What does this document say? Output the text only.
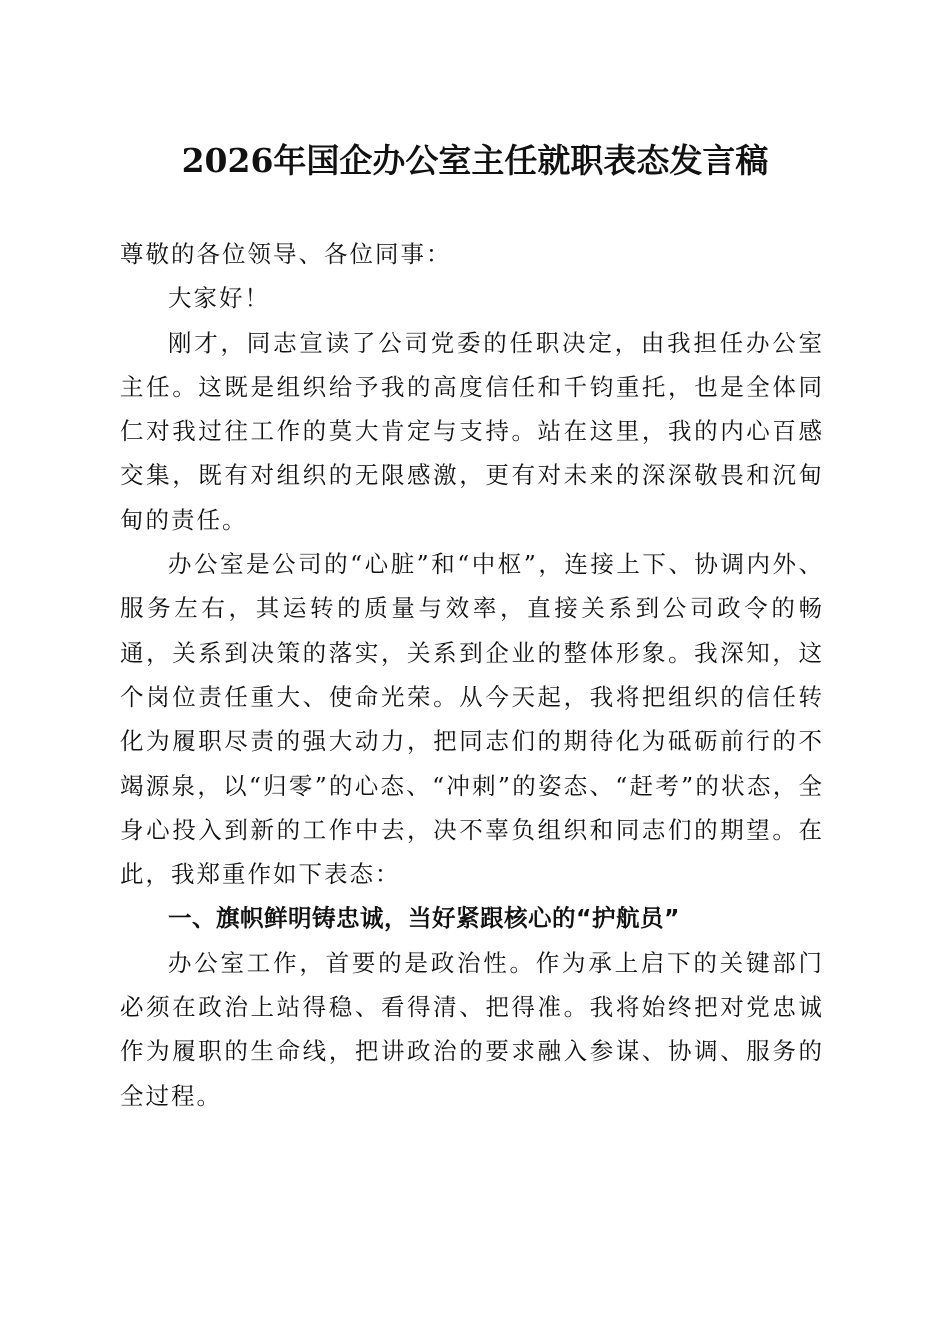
2026年国企办公室主任就职表态发言稿

尊敬的各位领导、各位同事：

大家好！

刚才，同志宣读了公司党委的任职决定，由我担任办公室主任。这既是组织给予我的高度信任和千钧重托，也是全体同仁对我过往工作的莫大肯定与支持。站在这里，我的内心百感交集，既有对组织的无限感激，更有对未来的深深敬畏和沉甸甸的责任。

办公室是公司的“心脏”和“中枢”，连接上下、协调内外、服务左右，其运转的质量与效率，直接关系到公司政令的畅通，关系到决策的落实，关系到企业的整体形象。我深知，这个岗位责任重大、使命光荣。从今天起，我将把组织的信任转化为履职尽责的强大动力，把同志们的期待化为砥砺前行的不竭源泉，以“归零”的心态、“冲刺”的姿态、“赶考”的状态，全身心投入到新的工作中去，决不辜负组织和同志们的期望。在此，我郑重作如下表态：

一、旗帜鲜明铸忠诚，当好紧跟核心的“护航员”

办公室工作，首要的是政治性。作为承上启下的关键部门必须在政治上站得稳、看得清、把得准。我将始终把对党忠诚作为履职的生命线，把讲政治的要求融入参谋、协调、服务的全过程。
